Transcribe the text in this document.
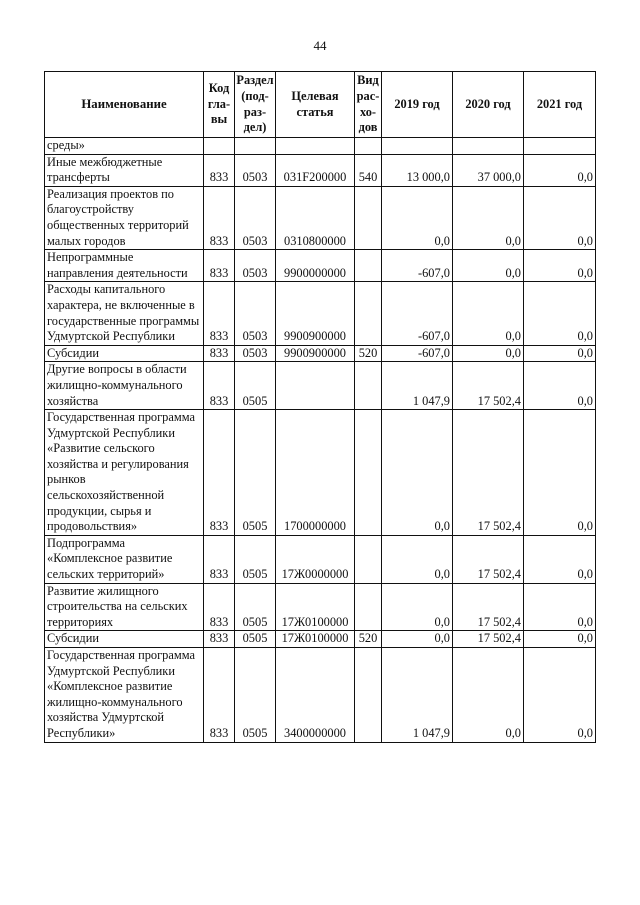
44
Наименование	Код гла-вы	Раздел (под-раз-дел)	Целевая статья	Вид рас-хо-дов	2019 год	2020 год	2021 год
среды»							
Иные межбюджетные трансферты	833	0503	031F200000	540	13 000,0	37 000,0	0,0
Реализация проектов по благоустройству общественных территорий малых городов	833	0503	0310800000		0,0	0,0	0,0
Непрограммные направления деятельности	833	0503	9900000000		-607,0	0,0	0,0
Расходы капитального характера, не включенные в государственные программы Удмуртской Республики	833	0503	9900900000		-607,0	0,0	0,0
Субсидии	833	0503	9900900000	520	-607,0	0,0	0,0
Другие вопросы в области жилищно-коммунального хозяйства	833	0505			1 047,9	17 502,4	0,0
Государственная программа Удмуртской Республики «Развитие сельского хозяйства и регулирования рынков сельскохозяйственной продукции, сырья и продовольствия»	833	0505	1700000000		0,0	17 502,4	0,0
Подпрограмма «Комплексное развитие сельских территорий»	833	0505	17Ж0000000		0,0	17 502,4	0,0
Развитие жилищного строительства на сельских территориях	833	0505	17Ж0100000		0,0	17 502,4	0,0
Субсидии	833	0505	17Ж0100000	520	0,0	17 502,4	0,0
Государственная программа Удмуртской Республики «Комплексное развитие жилищно-коммунального хозяйства Удмуртской Республики»	833	0505	3400000000		1 047,9	0,0	0,0
